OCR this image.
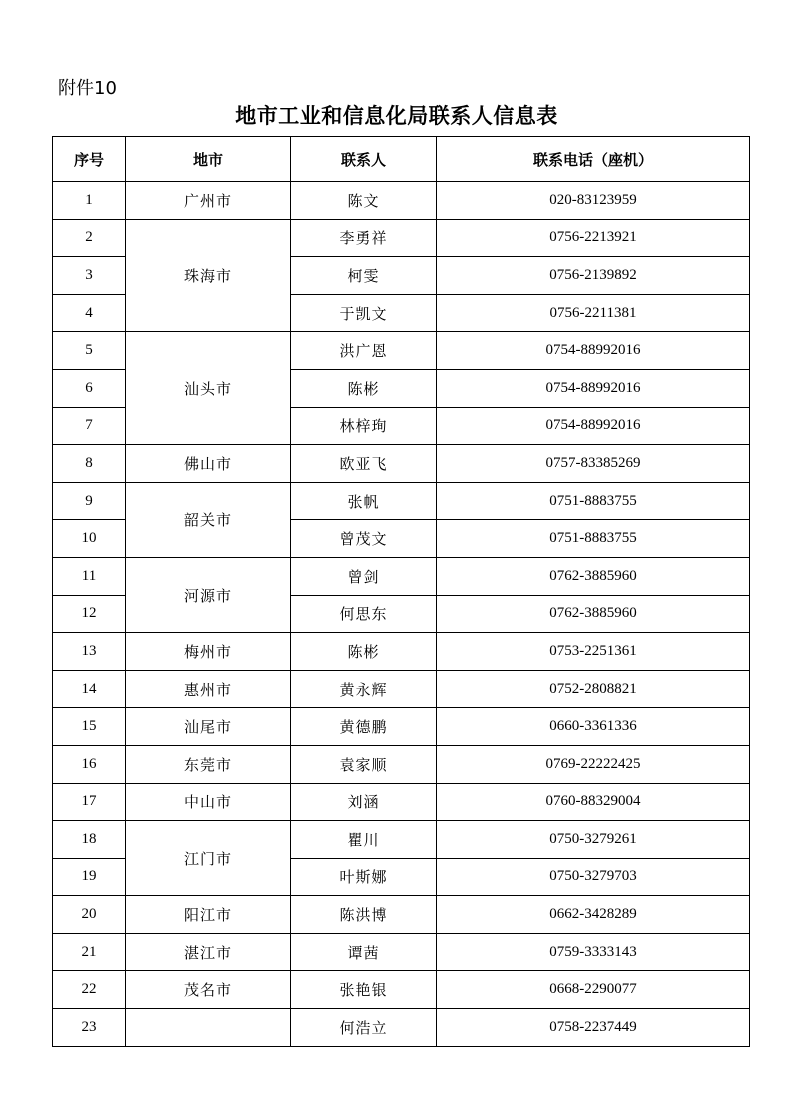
附件10
地市工业和信息化局联系人信息表
序号	地市	联系人	联系电话（座机）
1	广州市	陈文	020-83123959
2	珠海市	李勇祥	0756-2213921
3		柯雯	0756-2139892
4		于凯文	0756-2211381
5	汕头市	洪广恩	0754-88992016
6		陈彬	0754-88992016
7		林梓珣	0754-88992016
8	佛山市	欧亚飞	0757-83385269
9	韶关市	张帆	0751-8883755
10		曾茂文	0751-8883755
11	河源市	曾剑	0762-3885960
12		何思东	0762-3885960
13	梅州市	陈彬	0753-2251361
14	惠州市	黄永辉	0752-2808821
15	汕尾市	黄德鹏	0660-3361336
16	东莞市	袁家顺	0769-22222425
17	中山市	刘涵	0760-88329004
18	江门市	瞿川	0750-3279261
19		叶斯娜	0750-3279703
20	阳江市	陈洪博	0662-3428289
21	湛江市	谭茜	0759-3333143
22	茂名市	张艳银	0668-2290077
23		何浩立	0758-2237449
